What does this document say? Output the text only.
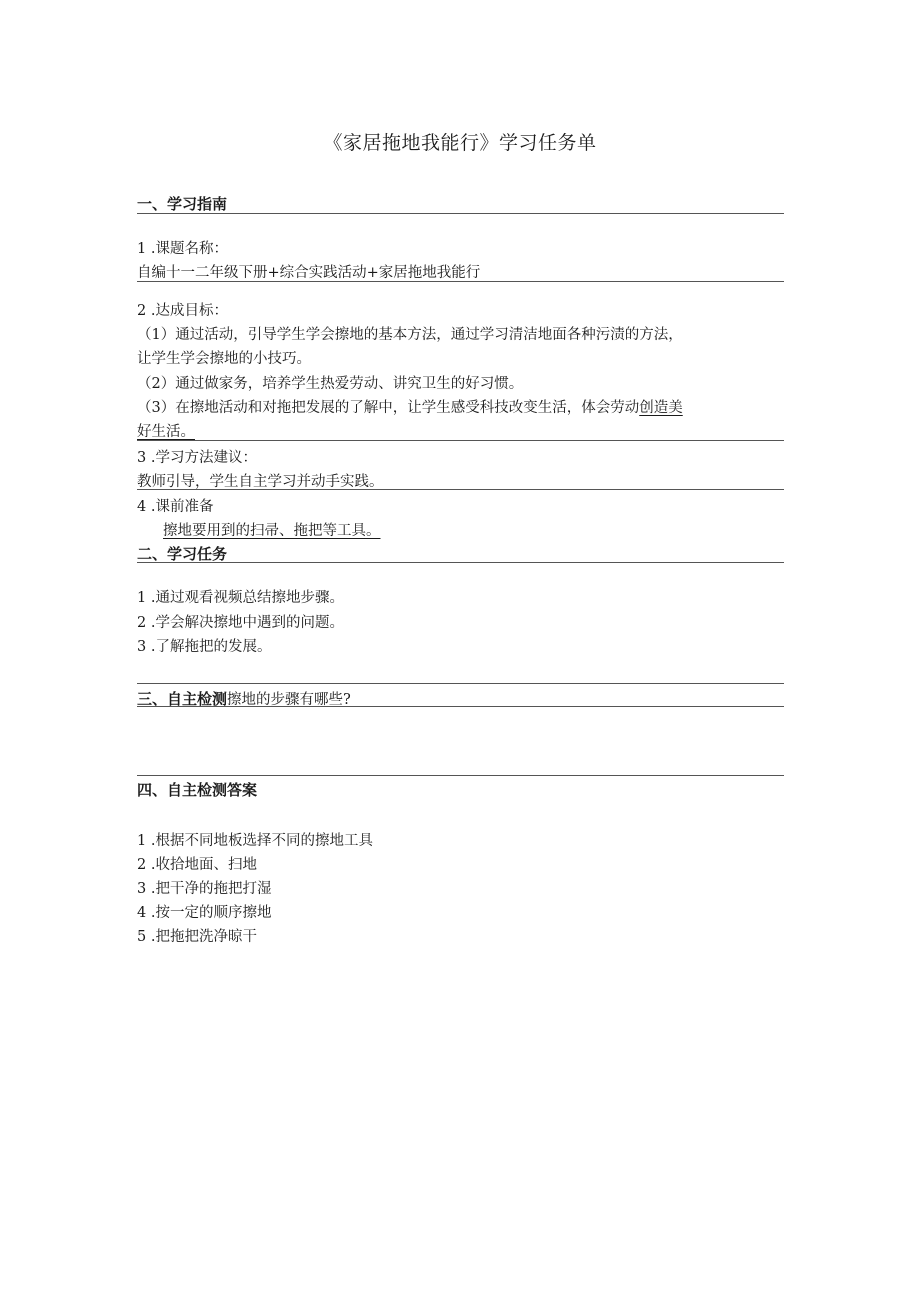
《家居拖地我能行》学习任务单
一、学习指南
1 .课题名称：
自编十一二年级下册+综合实践活动+家居拖地我能行
2 .达成目标：
（1）通过活动，引导学生学会擦地的基本方法，通过学习清洁地面各种污渍的方法，
让学生学会擦地的小技巧。
（2）通过做家务，培养学生热爱劳动、讲究卫生的好习惯。
（3）在擦地活动和对拖把发展的了解中，让学生感受科技改变生活，体会劳动创造美
好生活。
3 .学习方法建议：
教师引导，学生自主学习并动手实践。
4 .课前准备
擦地要用到的扫帚、拖把等工具。
二、学习任务
1 .通过观看视频总结擦地步骤。
2 .学会解决擦地中遇到的问题。
3 .了解拖把的发展。
三、自主检测擦地的步骤有哪些?
四、自主检测答案
1 .根据不同地板选择不同的擦地工具
2 .收拾地面、扫地
3 .把干净的拖把打湿
4 .按一定的顺序擦地
5 .把拖把洗净晾干
